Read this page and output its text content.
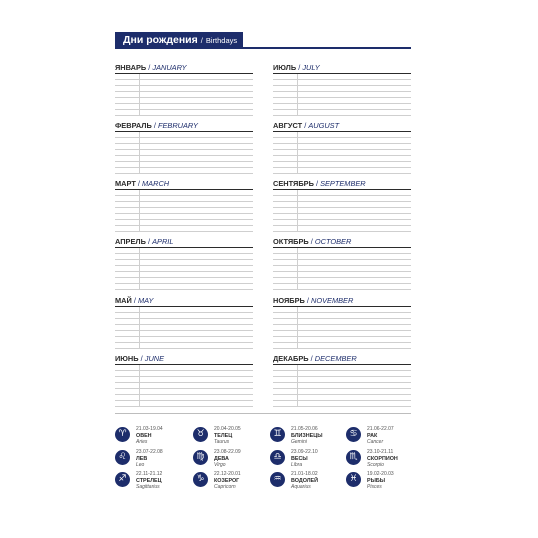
Дни рождения / Birthdays
ЯНВАРЬ / JANUARY
ФЕВРАЛЬ / FEBRUARY
МАРТ / MARCH
АПРЕЛЬ / APRIL
МАЙ / MAY
ИЮНЬ / JUNE
ИЮЛЬ / JULY
АВГУСТ / AUGUST
СЕНТЯБРЬ / SEPTEMBER
ОКТЯБРЬ / OCTOBER
НОЯБРЬ / NOVEMBER
ДЕКАБРЬ / DECEMBER
♈	21.03-19.04
ОВЕН
Aries
♌	23.07-22.08
ЛЕВ
Leo
♐	22.11-21.12
СТРЕЛЕЦ
Sagittarius
♉	20.04-20.05
ТЕЛЕЦ
Taurus
♍	23.08-22.09
ДЕВА
Virgo
♑	22.12-20.01
КОЗЕРОГ
Capricorn
♊	21.05-20.06
БЛИЗНЕЦЫ
Gemini
♎	23.09-22.10
ВЕСЫ
Libra
♒	21.01-18.02
ВОДОЛЕЙ
Aquarius
♋	21.06-22.07
РАК
Cancer
♏	23.10-21.11
СКОРПИОН
Scorpio
♓	19.02-20.03
РЫБЫ
Pisces
